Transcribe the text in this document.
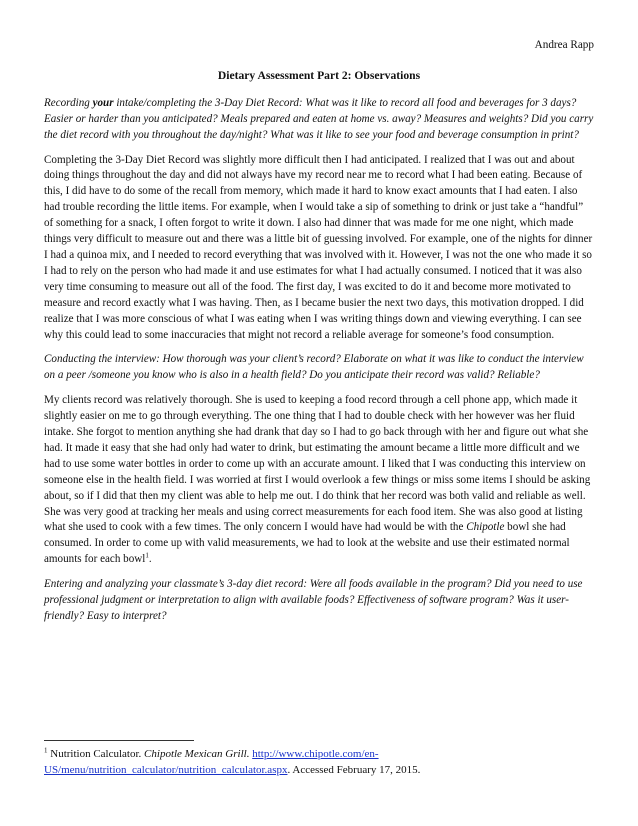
Andrea Rapp
Dietary Assessment Part 2: Observations

Recording your intake/completing the 3-Day Diet Record: What was it like to record all food and beverages for 3 days? Easier or harder than you anticipated? Meals prepared and eaten at home vs. away? Measures and weights? Did you carry the diet record with you throughout the day/night? What was it like to see your food and beverage consumption in print?

Completing the 3-Day Diet Record was slightly more difficult then I had anticipated. I realized that I was out and about doing things throughout the day and did not always have my record near me to record what I had been eating. Because of this, I did have to do some of the recall from memory, which made it hard to know exact amounts that I had eaten. I also had trouble recording the little items. For example, when I would take a sip of something to drink or just take a “handful” of something for a snack, I often forgot to write it down. I also had dinner that was made for me one night, which made things very difficult to measure out and there was a little bit of guessing involved. For example, one of the nights for dinner I had a quinoa mix, and I needed to record everything that was involved with it. However, I was not the one who made it so I had to rely on the person who had made it and use estimates for what I had actually consumed. I noticed that it was also very time consuming to measure out all of the food. The first day, I was excited to do it and become more motivated to measure and record exactly what I was having. Then, as I became busier the next two days, this motivation dropped. I did realize that I was more conscious of what I was eating when I was writing things down and viewing everything. I can see why this could lead to some inaccuracies that might not record a reliable average for someone’s food consumption.

Conducting the interview: How thorough was your client’s record? Elaborate on what it was like to conduct the interview on a peer /someone you know who is also in a health field? Do you anticipate their record was valid? Reliable?

My clients record was relatively thorough. She is used to keeping a food record through a cell phone app, which made it slightly easier on me to go through everything. The one thing that I had to double check with her however was her fluid intake. She forgot to mention anything she had drank that day so I had to go back through with her and figure out what she had. It made it easy that she had only had water to drink, but estimating the amount became a little more difficult and we had to use some water bottles in order to come up with an accurate amount. I liked that I was conducting this interview on someone else in the health field. I was worried at first I would overlook a few things or miss some items I should be asking about, so if I did that then my client was able to help me out. I do think that her record was both valid and reliable as well. She was very good at tracking her meals and using correct measurements for each food item. She was also good at listing what she used to cook with a few times. The only concern I would have had would be with the Chipotle bowl she had consumed. In order to come up with valid measurements, we had to look at the website and use their estimated normal amounts for each bowl$^1$.

Entering and analyzing your classmate’s 3-day diet record: Were all foods available in the program? Did you need to use professional judgment or interpretation to align with available foods? Effectiveness of software program? Was it user-friendly? Easy to interpret?

$^1$ Nutrition Calculator. Chipotle Mexican Grill. http://www.chipotle.com/en-US/menu/nutrition_calculator/nutrition_calculator.aspx. Accessed February 17, 2015.
